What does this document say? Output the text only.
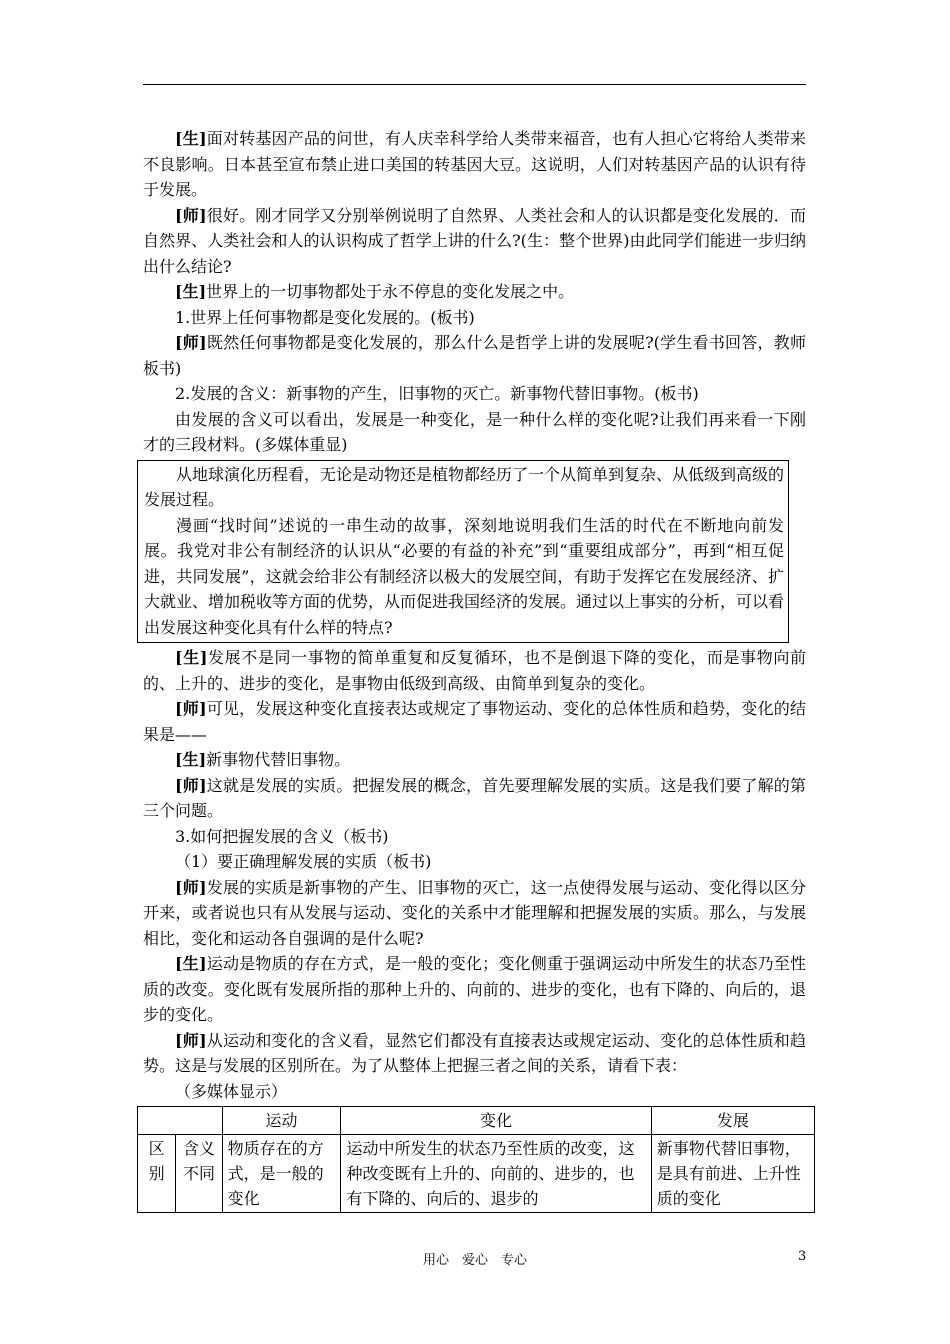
[生]面对转基因产品的问世，有人庆幸科学给人类带来福音，也有人担心它将给人类带来不良影响。日本甚至宣布禁止进口美国的转基因大豆。这说明，人们对转基因产品的认识有待于发展。

[师]很好。刚才同学又分别举例说明了自然界、人类社会和人的认识都是变化发展的．而自然界、人类社会和人的认识构成了哲学上讲的什么?(生：整个世界)由此同学们能进一步归纳出什么结论?

[生]世界上的一切事物都处于永不停息的变化发展之中。

1.世界上任何事物都是变化发展的。(板书)

[师]既然任何事物都是变化发展的，那么什么是哲学上讲的发展呢?(学生看书回答，教师板书)

2.发展的含义：新事物的产生，旧事物的灭亡。新事物代替旧事物。(板书)

由发展的含义可以看出，发展是一种变化，是一种什么样的变化呢?让我们再来看一下刚才的三段材料。(多媒体重显)

从地球演化历程看，无论是动物还是植物都经历了一个从简单到复杂、从低级到高级的发展过程。

漫画“找时间”述说的一串生动的故事，深刻地说明我们生活的时代在不断地向前发展。我党对非公有制经济的认识从“必要的有益的补充”到“重要组成部分”，再到“相互促进，共同发展”，这就会给非公有制经济以极大的发展空间，有助于发挥它在发展经济、扩大就业、增加税收等方面的优势，从而促进我国经济的发展。通过以上事实的分析，可以看出发展这种变化具有什么样的特点?

[生]发展不是同一事物的简单重复和反复循环，也不是倒退下降的变化，而是事物向前的、上升的、进步的变化，是事物由低级到高级、由简单到复杂的变化。

[师]可见，发展这种变化直接表达或规定了事物运动、变化的总体性质和趋势，变化的结果是——

[生]新事物代替旧事物。

[师]这就是发展的实质。把握发展的概念，首先要理解发展的实质。这是我们要了解的第三个问题。

3.如何把握发展的含义（板书)

（1）要正确理解发展的实质（板书)

[师]发展的实质是新事物的产生、旧事物的灭亡，这一点使得发展与运动、变化得以区分开来，或者说也只有从发展与运动、变化的关系中才能理解和把握发展的实质。那么，与发展相比，变化和运动各自强调的是什么呢?

[生]运动是物质的存在方式，是一般的变化；变化侧重于强调运动中所发生的状态乃至性质的改变。变化既有发展所指的那种上升的、向前的、进步的变化，也有下降的、向后的，退步的变化。

[师]从运动和变化的含义看，显然它们都没有直接表达或规定运动、变化的总体性质和趋势。这是与发展的区别所在。为了从整体上把握三者之间的关系，请看下表：

（多媒体显示）

		运动	变化	发展
区别	含义不同	物质存在的方式，是一般的变化	运动中所发生的状态乃至性质的改变，这种改变既有上升的、向前的、进步的，也有下降的、向后的、退步的	新事物代替旧事物，是具有前进、上升性质的变化
用心　爱心　专心	3
